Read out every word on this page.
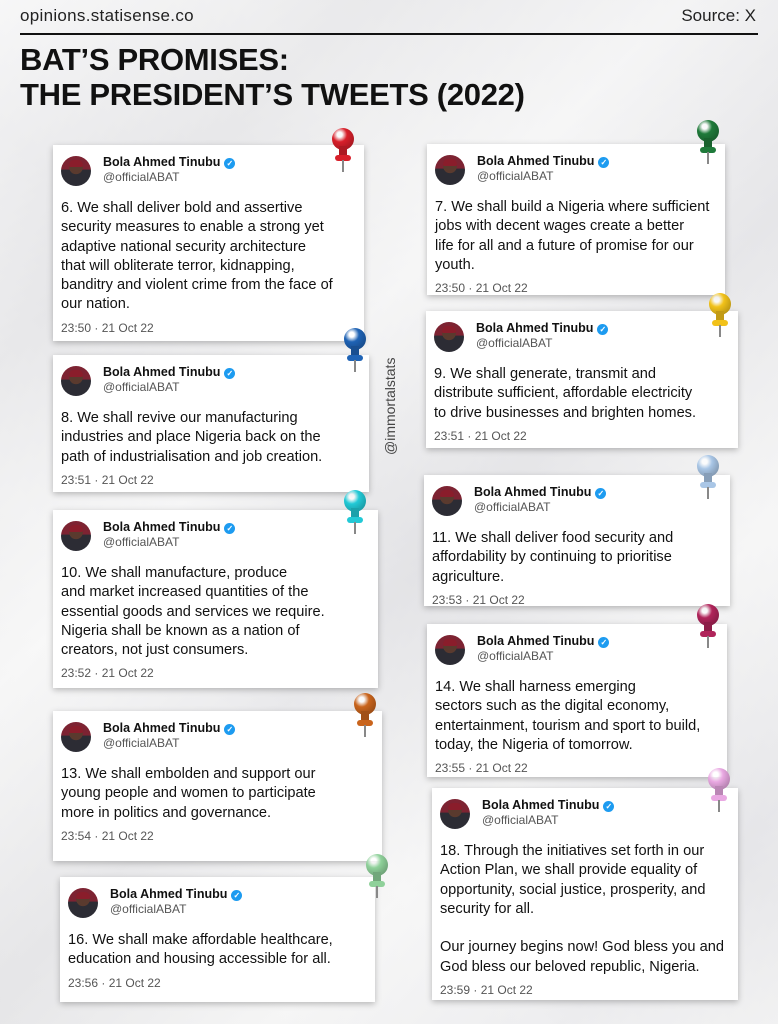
opinions.statisense.co	Source: X
BAT’S PROMISES:
THE PRESIDENT’S TWEETS (2022)
@immortalstats
Bola Ahmed Tinubu ✓
@officialABAT

6. We shall deliver bold and assertive
security measures to enable a strong yet
adaptive national security architecture
that will obliterate terror, kidnapping,
banditry and violent crime from the face of
our nation.

23:50 · 21 Oct 22
Bola Ahmed Tinubu ✓
@officialABAT

7. We shall build a Nigeria where sufficient
jobs with decent wages create a better
life for all and a future of promise for our
youth.

23:50 · 21 Oct 22
Bola Ahmed Tinubu ✓
@officialABAT

8. We shall revive our manufacturing
industries and place Nigeria back on the
path of industrialisation and job creation.

23:51 · 21 Oct 22
Bola Ahmed Tinubu ✓
@officialABAT

9. We shall generate, transmit and
distribute sufficient, affordable electricity
to drive businesses and brighten homes.

23:51 · 21 Oct 22
Bola Ahmed Tinubu ✓
@officialABAT

10. We shall manufacture, produce
and market increased quantities of the
essential goods and services we require.
Nigeria shall be known as a nation of
creators, not just consumers.

23:52 · 21 Oct 22
Bola Ahmed Tinubu ✓
@officialABAT

11. We shall deliver food security and
affordability by continuing to prioritise
agriculture.

23:53 · 21 Oct 22
Bola Ahmed Tinubu ✓
@officialABAT

13. We shall embolden and support our
young people and women to participate
more in politics and governance.

23:54 · 21 Oct 22
Bola Ahmed Tinubu ✓
@officialABAT

14. We shall harness emerging
sectors such as the digital economy,
entertainment, tourism and sport to build,
today, the Nigeria of tomorrow.

23:55 · 21 Oct 22
Bola Ahmed Tinubu ✓
@officialABAT

16. We shall make affordable healthcare,
education and housing accessible for all.

23:56 · 21 Oct 22
Bola Ahmed Tinubu ✓
@officialABAT

18. Through the initiatives set forth in our
Action Plan, we shall provide equality of
opportunity, social justice, prosperity, and
security for all.

Our journey begins now! God bless you and
God bless our beloved republic, Nigeria.

23:59 · 21 Oct 22
